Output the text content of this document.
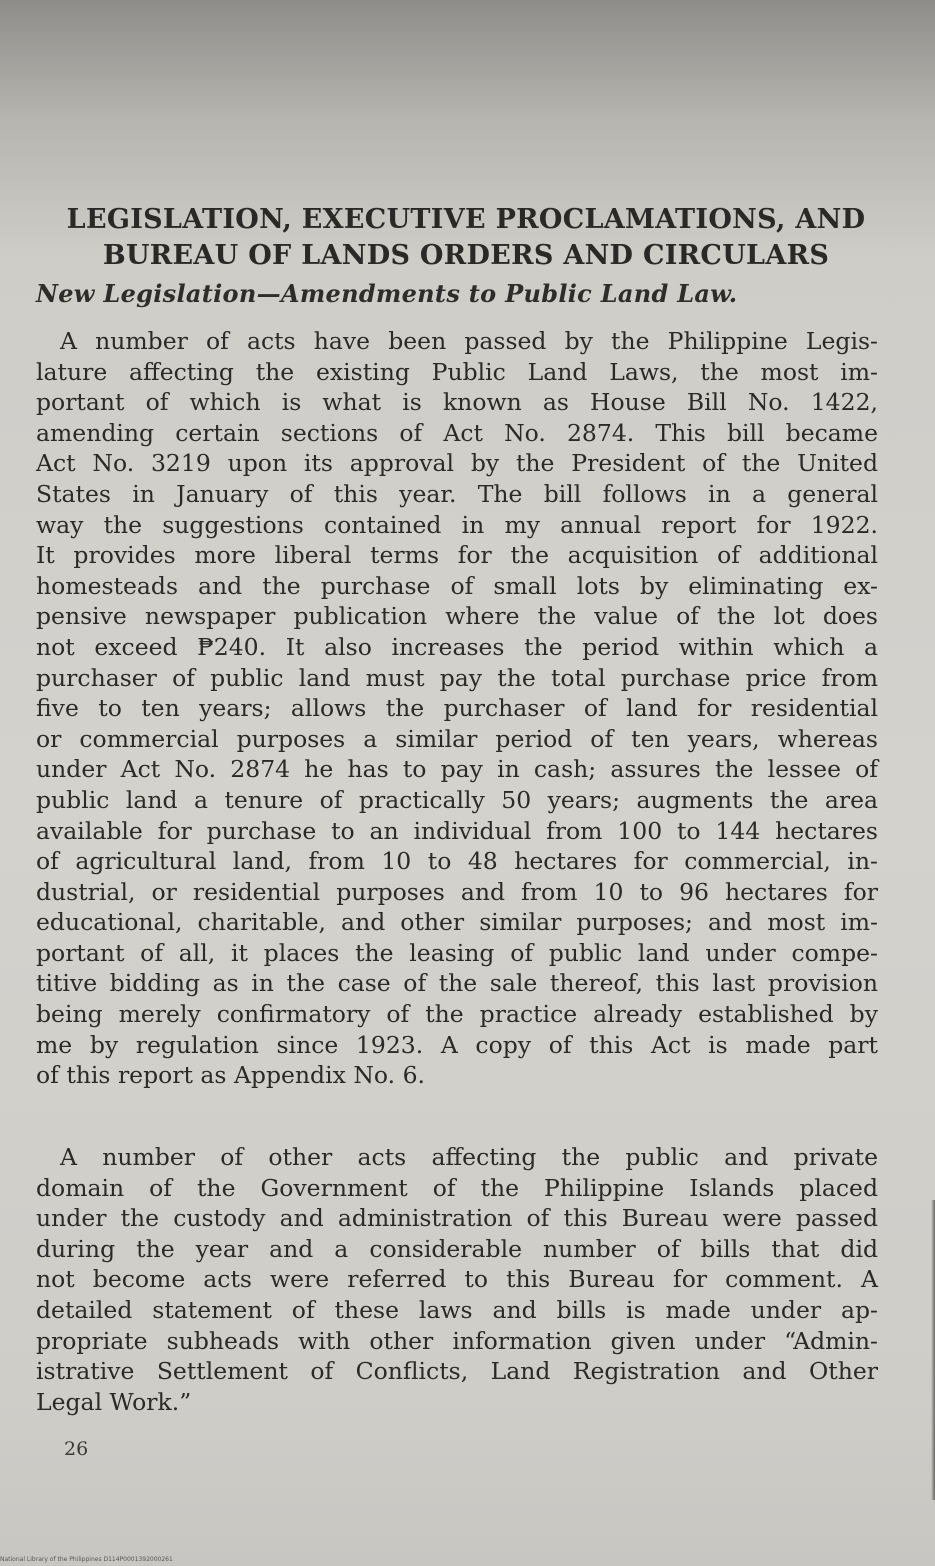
LEGISLATION, EXECUTIVE PROCLAMATIONS, AND
BUREAU OF LANDS ORDERS AND CIRCULARS
New Legislation—Amendments to Public Land Law.
A number of acts have been passed by the Philippine Legis-
lature affecting the existing Public Land Laws, the most im-
portant of which is what is known as House Bill No. 1422,
amending certain sections of Act No. 2874. This bill became
Act No. 3219 upon its approval by the President of the United
States in January of this year. The bill follows in a general
way the suggestions contained in my annual report for 1922.
It provides more liberal terms for the acquisition of additional
homesteads and the purchase of small lots by eliminating ex-
pensive newspaper publication where the value of the lot does
not exceed ₱240. It also increases the period within which a
purchaser of public land must pay the total purchase price from
five to ten years; allows the purchaser of land for residential
or commercial purposes a similar period of ten years, whereas
under Act No. 2874 he has to pay in cash; assures the lessee of
public land a tenure of practically 50 years; augments the area
available for purchase to an individual from 100 to 144 hectares
of agricultural land, from 10 to 48 hectares for commercial, in-
dustrial, or residential purposes and from 10 to 96 hectares for
educational, charitable, and other similar purposes; and most im-
portant of all, it places the leasing of public land under compe-
titive bidding as in the case of the sale thereof, this last provision
being merely confirmatory of the practice already established by
me by regulation since 1923. A copy of this Act is made part
of this report as Appendix No. 6.
A number of other acts affecting the public and private
domain of the Government of the Philippine Islands placed
under the custody and administration of this Bureau were passed
during the year and a considerable number of bills that did
not become acts were referred to this Bureau for comment. A
detailed statement of these laws and bills is made under ap-
propriate subheads with other information given under “Admin-
istrative Settlement of Conflicts, Land Registration and Other
Legal Work.”
26
National Library of the Philippines D114P0001392000261
